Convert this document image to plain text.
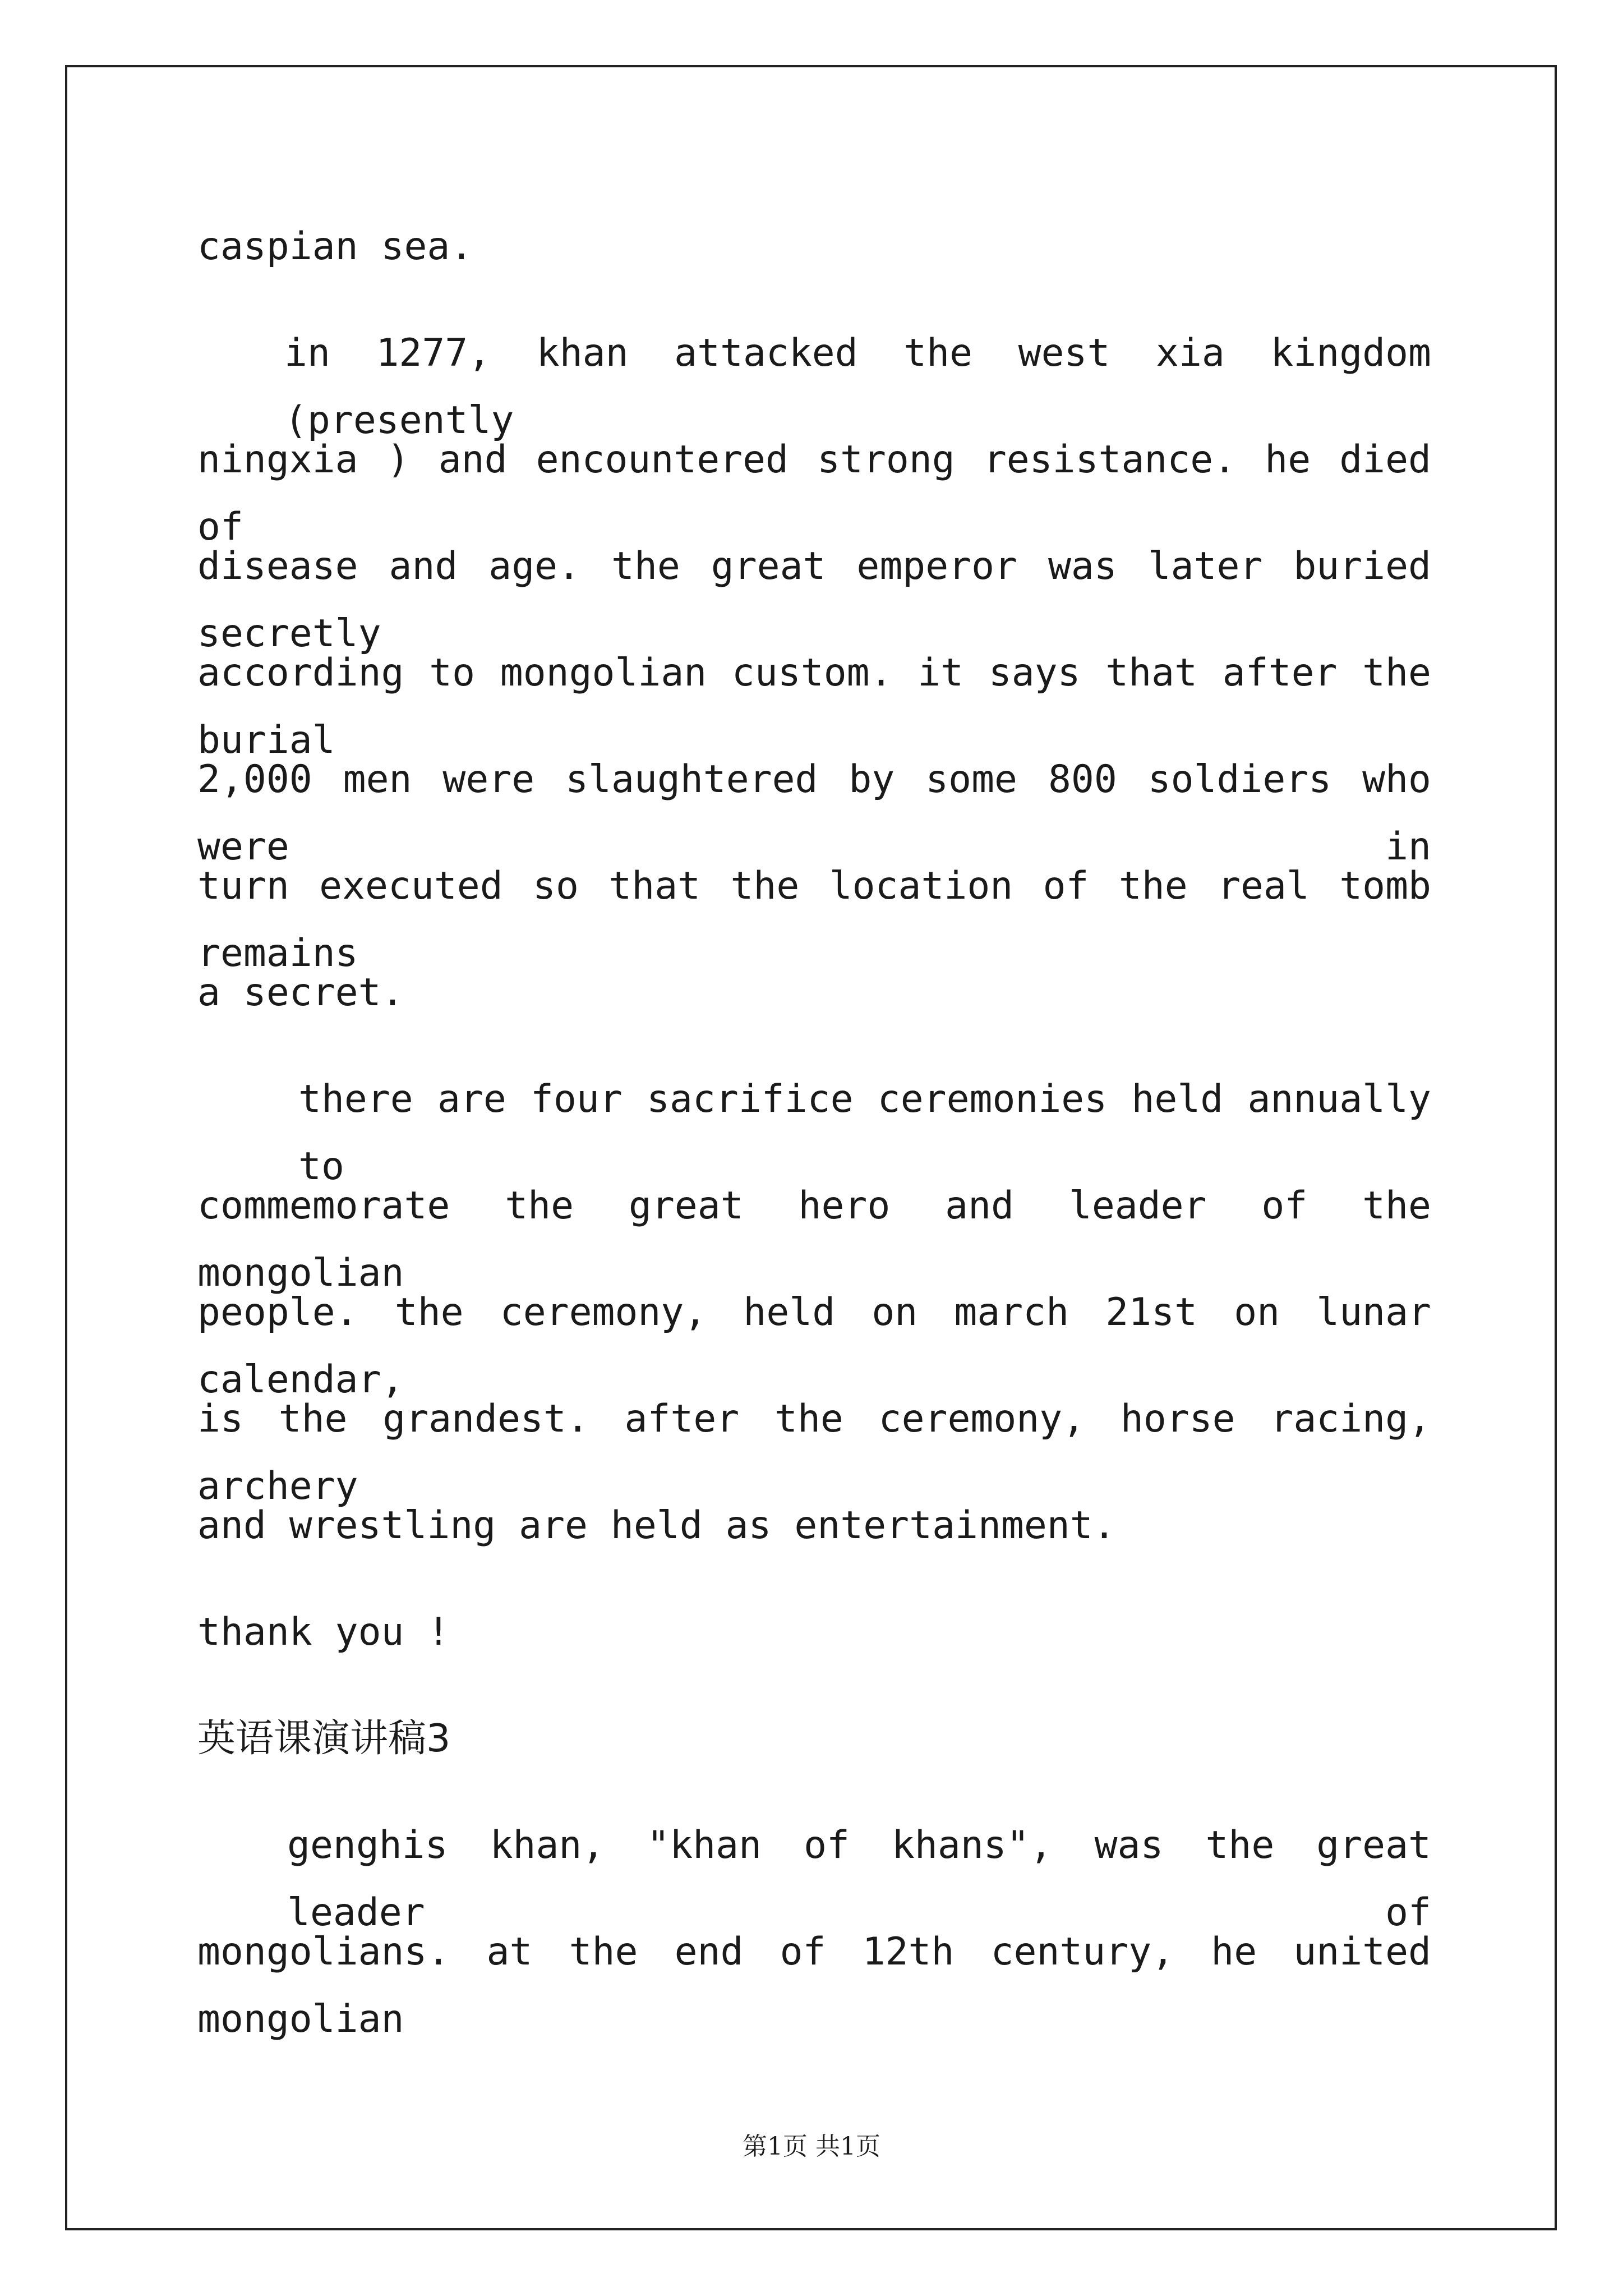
caspian sea.
in 1277, khan attacked the west xia kingdom (presently
ningxia ) and encountered strong resistance. he died of
disease and age. the great emperor was later buried secretly
according to mongolian custom. it says that after the burial
2,000 men were slaughtered by some 800 soldiers who were in
turn executed so that the location of the real tomb remains
a secret.
there are four sacrifice ceremonies held annually to
commemorate the great hero and leader of the mongolian
people. the ceremony, held on march 21st on lunar calendar,
is the grandest. after the ceremony, horse racing, archery
and wrestling are held as entertainment.
thank you !
英语课演讲稿3
genghis khan, "khan of khans", was the great leader of
mongolians. at the end of 12th century, he united mongolian
第1页 共1页
